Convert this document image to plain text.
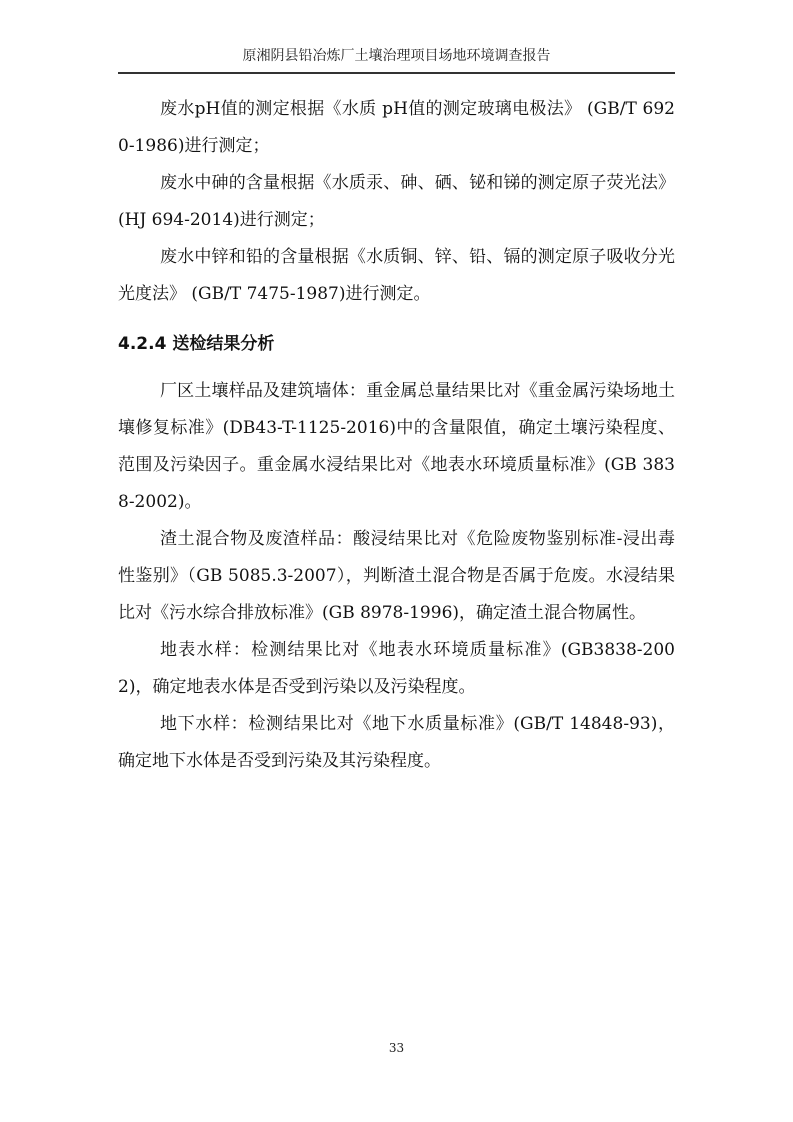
原湘阴县铅冶炼厂土壤治理项目场地环境调查报告

废水pH值的测定根据《水质 pH值的测定玻璃电极法》 (GB/T 6920-1986)进行测定；

废水中砷的含量根据《水质汞、砷、硒、铋和锑的测定原子荧光法》 (HJ 694-2014)进行测定；

废水中锌和铅的含量根据《水质铜、锌、铅、镉的测定原子吸收分光光度法》 (GB/T 7475-1987)进行测定。

4.2.4 送检结果分析

厂区土壤样品及建筑墙体：重金属总量结果比对《重金属污染场地土壤修复标准》(DB43-T-1125-2016)中的含量限值，确定土壤污染程度、范围及污染因子。重金属水浸结果比对《地表水环境质量标准》(GB 3838-2002)。

渣土混合物及废渣样品：酸浸结果比对《危险废物鉴别标准-浸出毒性鉴别》（GB 5085.3-2007），判断渣土混合物是否属于危废。水浸结果比对《污水综合排放标准》(GB 8978-1996)，确定渣土混合物属性。

地表水样：检测结果比对《地表水环境质量标准》(GB3838-2002)，确定地表水体是否受到污染以及污染程度。

地下水样：检测结果比对《地下水质量标准》(GB/T 14848-93)，确定地下水体是否受到污染及其污染程度。

33
